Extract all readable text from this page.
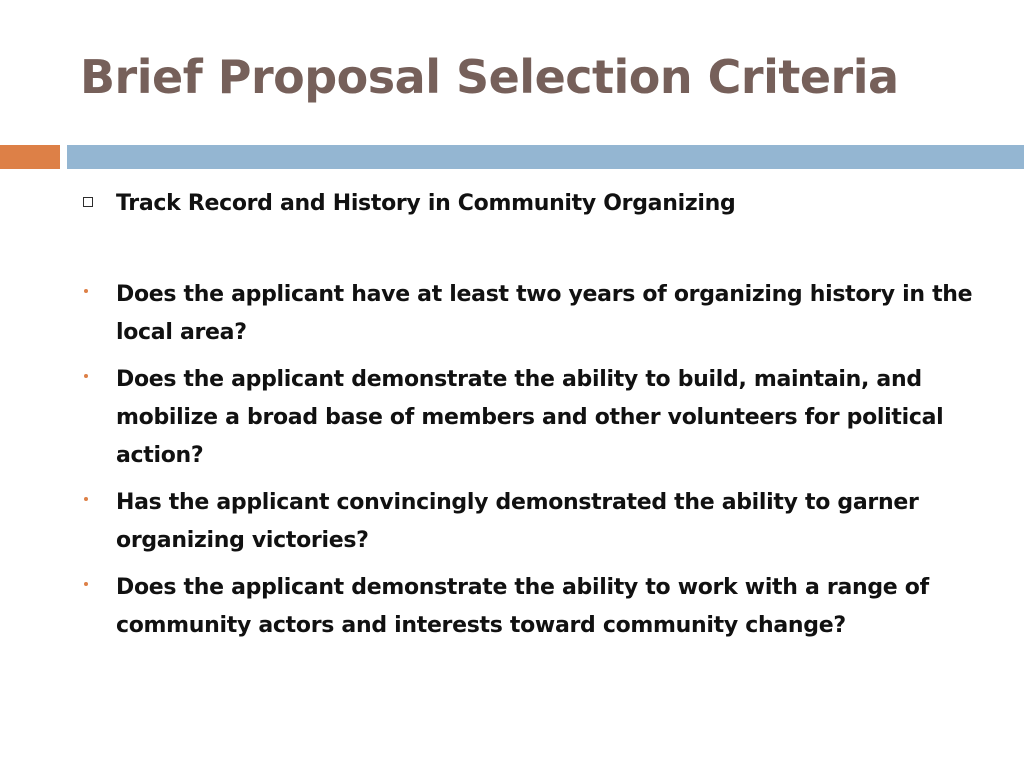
Brief Proposal Selection Criteria
Track Record and History in Community Organizing
Does the applicant have at least two years of organizing history in the local area?
Does the applicant demonstrate the ability to build, maintain, and mobilize a broad base of members and other volunteers for political action?
Has the applicant convincingly demonstrated the ability to garner organizing victories?
Does the applicant demonstrate the ability to work with a range of community actors and interests toward community change?
